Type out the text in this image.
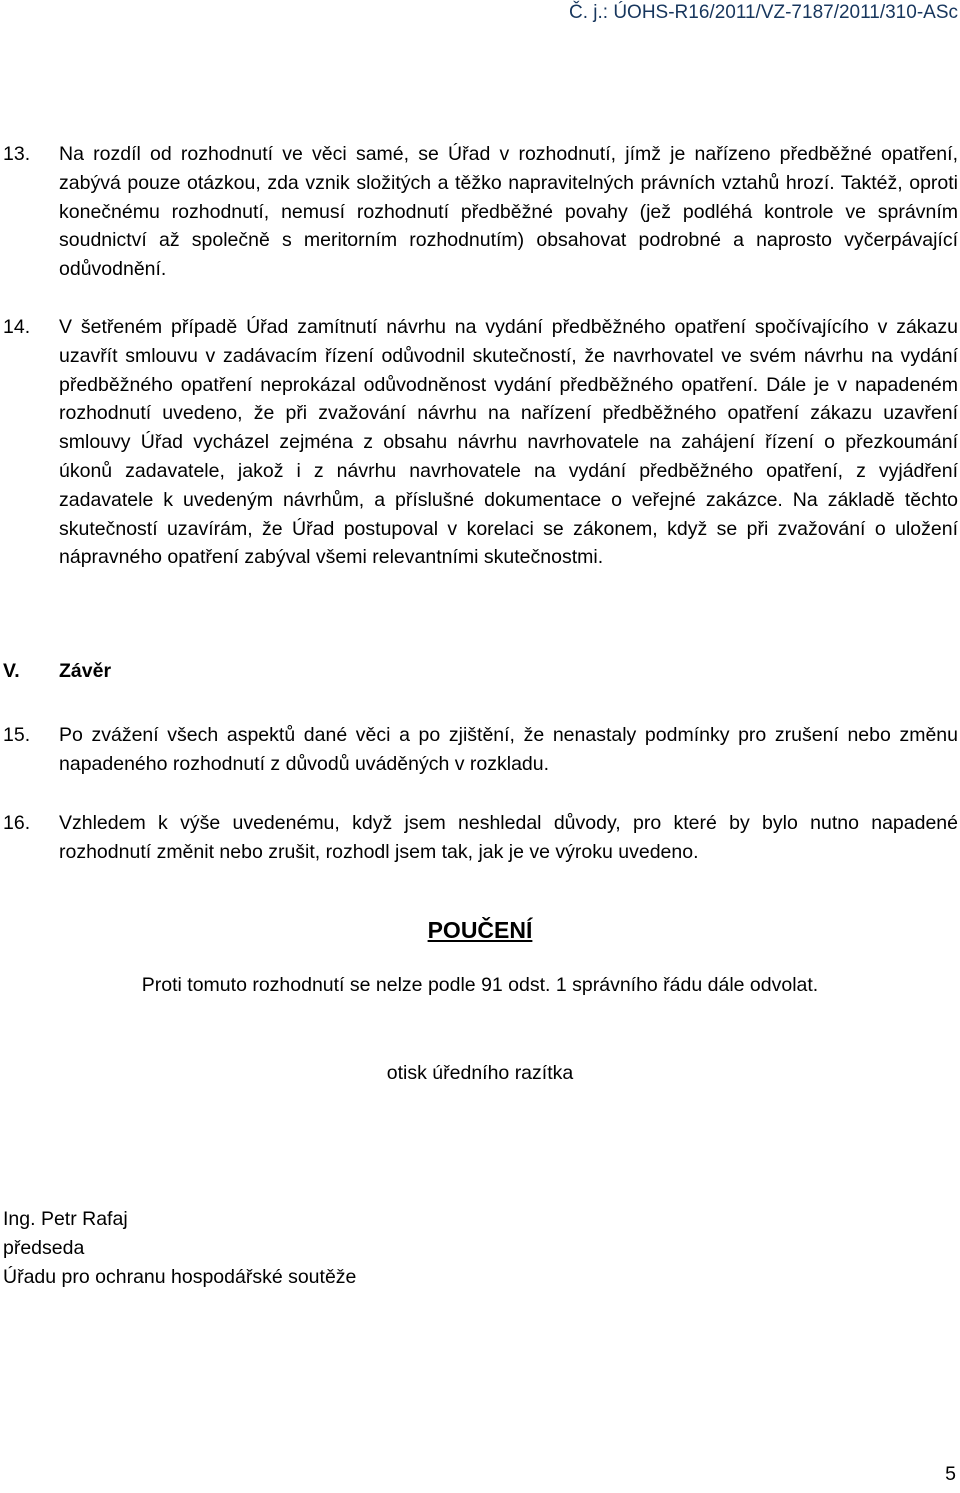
Č. j.: ÚOHS-R16/2011/VZ-7187/2011/310-ASc
13. Na rozdíl od rozhodnutí ve věci samé, se Úřad v rozhodnutí, jímž je nařízeno předběžné opatření, zabývá pouze otázkou, zda vznik složitých a těžko napravitelných právních vztahů hrozí. Taktéž, oproti konečnému rozhodnutí, nemusí rozhodnutí předběžné povahy (jež podléhá kontrole ve správním soudnictví až společně s meritorním rozhodnutím) obsahovat podrobné a naprosto vyčerpávající odůvodnění.
14. V šetřeném případě Úřad zamítnutí návrhu na vydání předběžného opatření spočívajícího v zákazu uzavřít smlouvu v zadávacím řízení odůvodnil skutečností, že navrhovatel ve svém návrhu na vydání předběžného opatření neprokázal odůvodněnost vydání předběžného opatření. Dále je v napadeném rozhodnutí uvedeno, že při zvažování návrhu na nařízení předběžného opatření zákazu uzavření smlouvy Úřad vycházel zejména z obsahu návrhu navrhovatele na zahájení řízení o přezkoumání úkonů zadavatele, jakož i z návrhu navrhovatele na vydání předběžného opatření, z vyjádření zadavatele k uvedeným návrhům, a příslušné dokumentace o veřejné zakázce. Na základě těchto skutečností uzavírám, že Úřad postupoval v korelaci se zákonem, když se při zvažování o uložení nápravného opatření zabýval všemi relevantními skutečnostmi.
V. Závěr
15. Po zvážení všech aspektů dané věci a po zjištění, že nenastaly podmínky pro zrušení nebo změnu napadeného rozhodnutí z důvodů uváděných v rozkladu.
16. Vzhledem k výše uvedenému, když jsem neshledal důvody, pro které by bylo nutno napadené rozhodnutí změnit nebo zrušit, rozhodl jsem tak, jak je ve výroku uvedeno.
POUČENÍ
Proti tomuto rozhodnutí se nelze podle 91 odst. 1 správního řádu dále odvolat.
otisk úředního razítka
Ing. Petr Rafaj
předseda
Úřadu pro ochranu hospodářské soutěže
5
